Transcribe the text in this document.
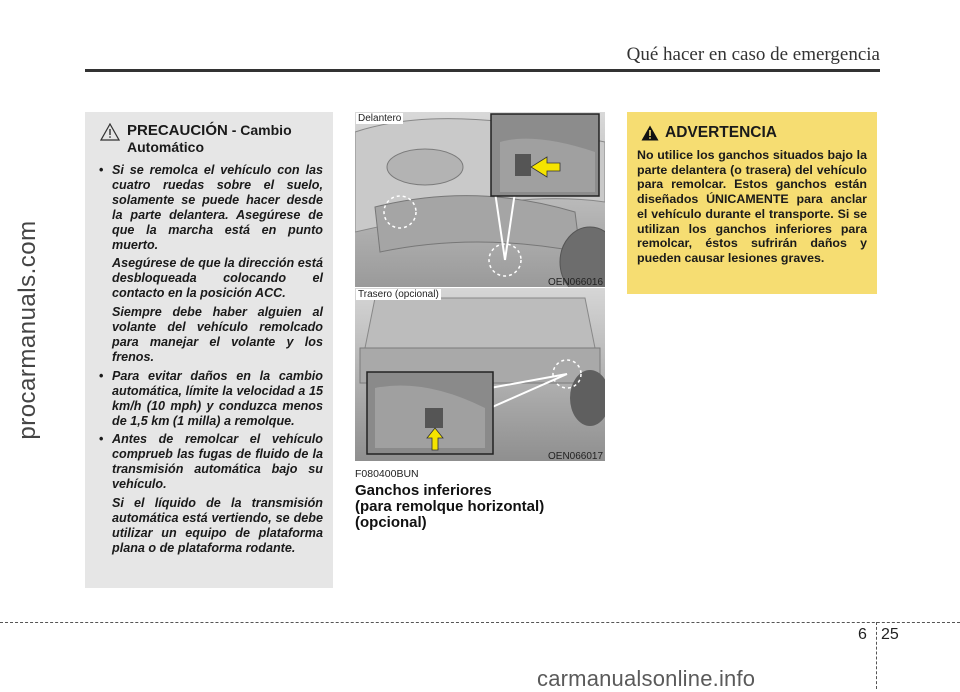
Qué hacer en caso de emergencia
procarmanuals.com
PRECAUCIÓN - Cambio
Automático
• Si se remolca el vehículo con las cuatro ruedas sobre el suelo, solamente se puede hacer desde la parte delantera. Asegúrese de que la marcha está en punto muerto.

Asegúrese de que la dirección está desbloqueada colocando el contacto en la posición ACC.

Siempre debe haber alguien al volante del vehículo remolcado para manejar el volante y los frenos.

• Para evitar daños en la cambio automática, límite la velocidad a 15 km/h (10 mph) y conduzca menos de 1,5 km (1 milla) a remolque.
• Antes de remolcar el vehículo comprueb las fugas de fluido de la transmisión automática bajo su vehículo.

Si el líquido de la transmisión automática está vertiendo, se debe utilizar un equipo de plataforma plana o de plataforma rodante.

Delantero
OEN066016
Trasero (opcional)
OEN066017
F080400BUN
Ganchos inferiores
(para remolque horizontal)
(opcional)
ADVERTENCIA
No utilice los ganchos situados bajo la parte delantera (o trasera) del vehículo para remolcar. Estos ganchos están diseñados ÚNICAMENTE para anclar el vehículo durante el transporte. Si se utilizan los ganchos inferiores para remolcar, éstos sufrirán daños y pueden causar lesiones graves.
6 25
carmanualsonline.info
